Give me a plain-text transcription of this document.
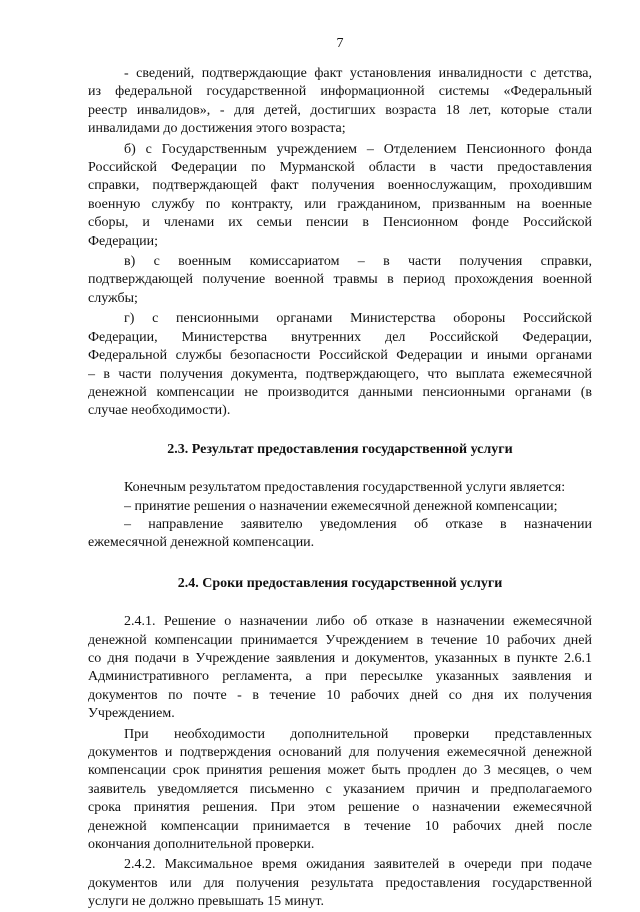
7
- сведений, подтверждающие факт установления инвалидности с детства,
из федеральной государственной информационной системы «Федеральный
реестр инвалидов», - для детей, достигших возраста 18 лет, которые стали
инвалидами до достижения этого возраста;
б) с Государственным учреждением – Отделением Пенсионного фонда
Российской Федерации по Мурманской области в части предоставления
справки, подтверждающей факт получения военнослужащим, проходившим
военную службу по контракту, или гражданином, призванным на военные
сборы, и членами их семьи пенсии в Пенсионном фонде Российской
Федерации;
в) с военным комиссариатом – в части получения справки,
подтверждающей получение военной травмы в период прохождения военной
службы;
г) с пенсионными органами Министерства обороны Российской
Федерации, Министерства внутренних дел Российской Федерации,
Федеральной службы безопасности Российской Федерации и иными органами
– в части получения документа, подтверждающего, что выплата ежемесячной
денежной компенсации не производится данными пенсионными органами (в
случае необходимости).
2.3. Результат предоставления государственной услуги
Конечным результатом предоставления государственной услуги является:
– принятие решения о назначении ежемесячной денежной компенсации;
– направление заявителю уведомления об отказе в назначении
ежемесячной денежной компенсации.
2.4. Сроки предоставления государственной услуги
2.4.1. Решение о назначении либо об отказе в назначении ежемесячной
денежной компенсации принимается Учреждением в течение 10 рабочих дней
со дня подачи в Учреждение заявления и документов, указанных в пункте 2.6.1
Административного регламента, а при пересылке указанных заявления и
документов по почте - в течение 10 рабочих дней со дня их получения
Учреждением.
При необходимости дополнительной проверки представленных
документов и подтверждения оснований для получения ежемесячной денежной
компенсации срок принятия решения может быть продлен до 3 месяцев, о чем
заявитель уведомляется письменно с указанием причин и предполагаемого
срока принятия решения. При этом решение о назначении ежемесячной
денежной компенсации принимается в течение 10 рабочих дней после
окончания дополнительной проверки.
2.4.2. Максимальное время ожидания заявителей в очереди при подаче
документов или для получения результата предоставления государственной
услуги не должно превышать 15 минут.
